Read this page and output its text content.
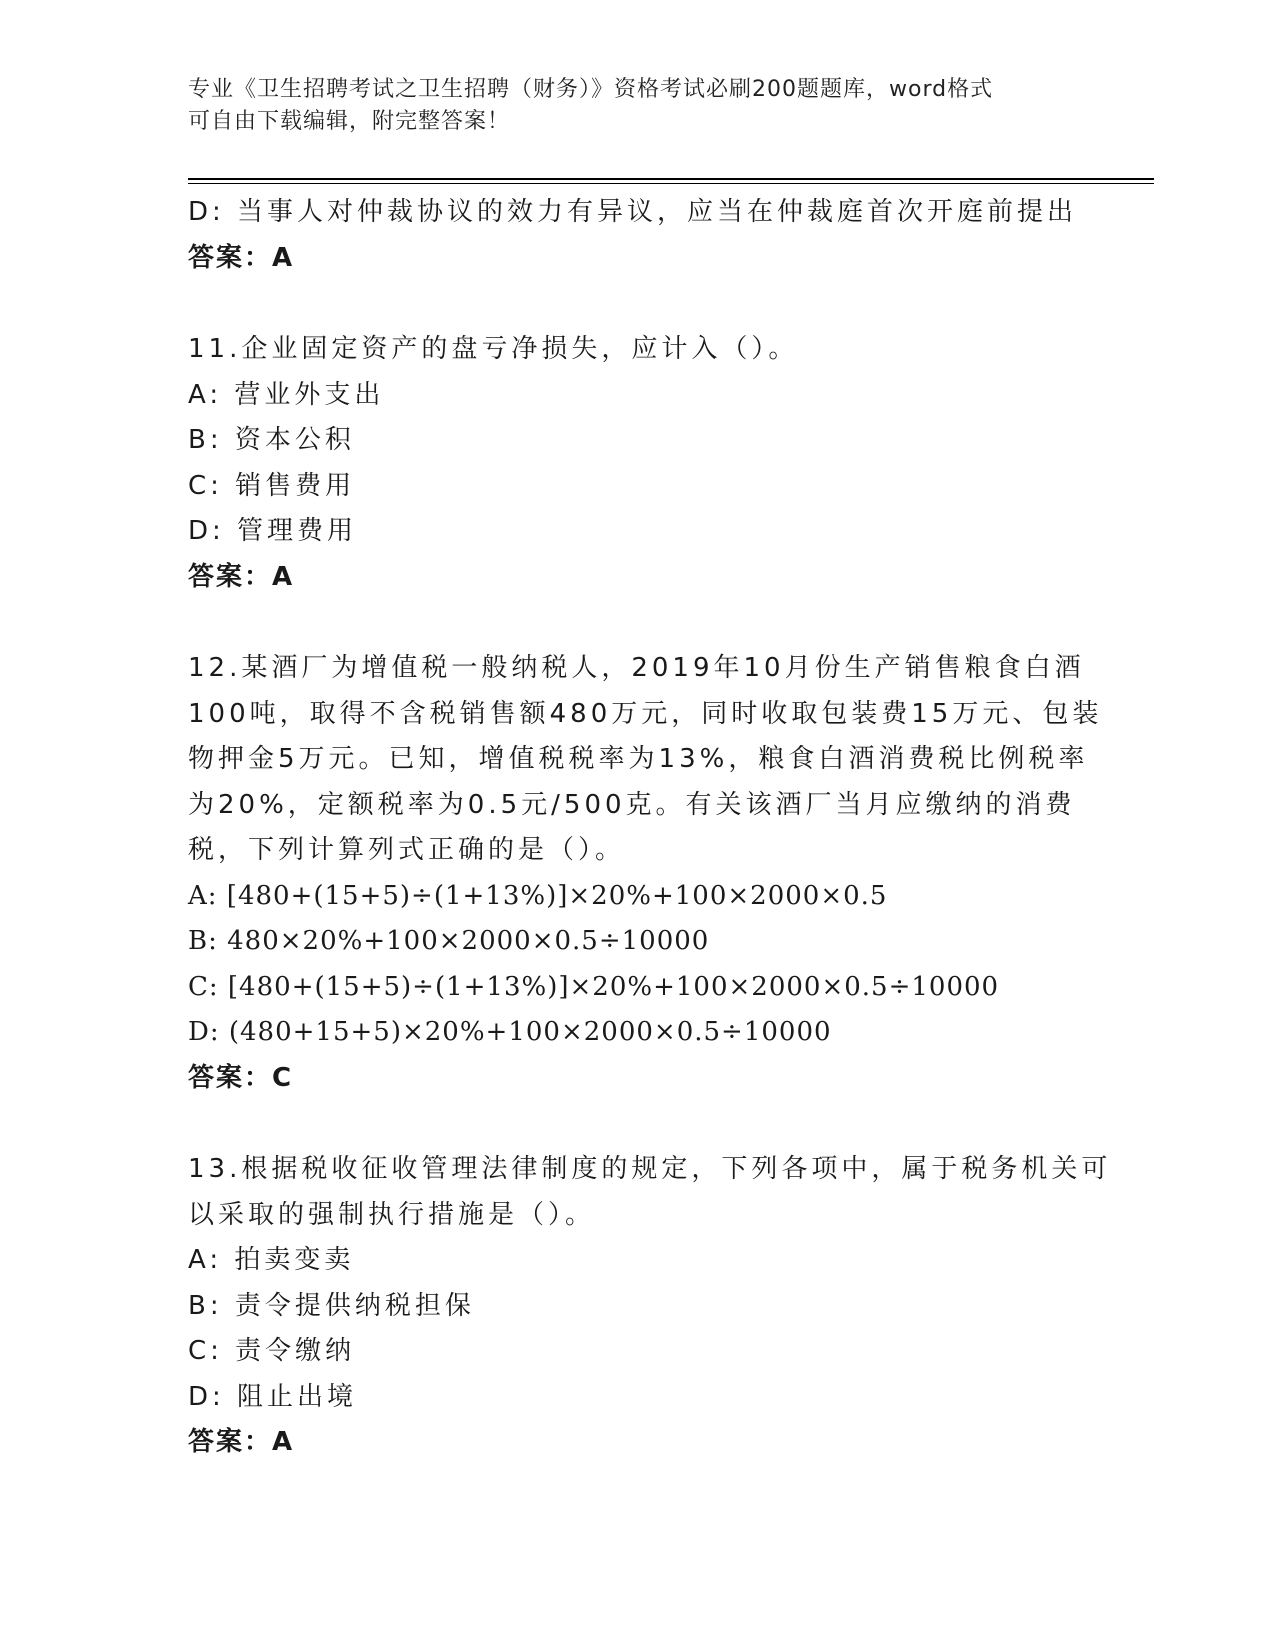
专业《卫生招聘考试之卫生招聘（财务）》资格考试必刷200题题库，word格式
可自由下载编辑，附完整答案！
D: 当事人对仲裁协议的效力有异议，应当在仲裁庭首次开庭前提出
答案：A
11.企业固定资产的盘亏净损失，应计入（）。
A: 营业外支出
B: 资本公积
C: 销售费用
D: 管理费用
答案：A
12.某酒厂为增值税一般纳税人，2019年10月份生产销售粮食白酒
100吨，取得不含税销售额480万元，同时收取包装费15万元、包装
物押金5万元。已知，增值税税率为13%，粮食白酒消费税比例税率
为20%，定额税率为0.5元/500克。有关该酒厂当月应缴纳的消费
税，下列计算列式正确的是（）。
A: [480+(15+5)÷(1+13%)]×20%+100×2000×0.5
B: 480×20%+100×2000×0.5÷10000
C: [480+(15+5)÷(1+13%)]×20%+100×2000×0.5÷10000
D: (480+15+5)×20%+100×2000×0.5÷10000
答案：C
13.根据税收征收管理法律制度的规定，下列各项中，属于税务机关可
以采取的强制执行措施是（）。
A: 拍卖变卖
B: 责令提供纳税担保
C: 责令缴纳
D: 阻止出境
答案：A
